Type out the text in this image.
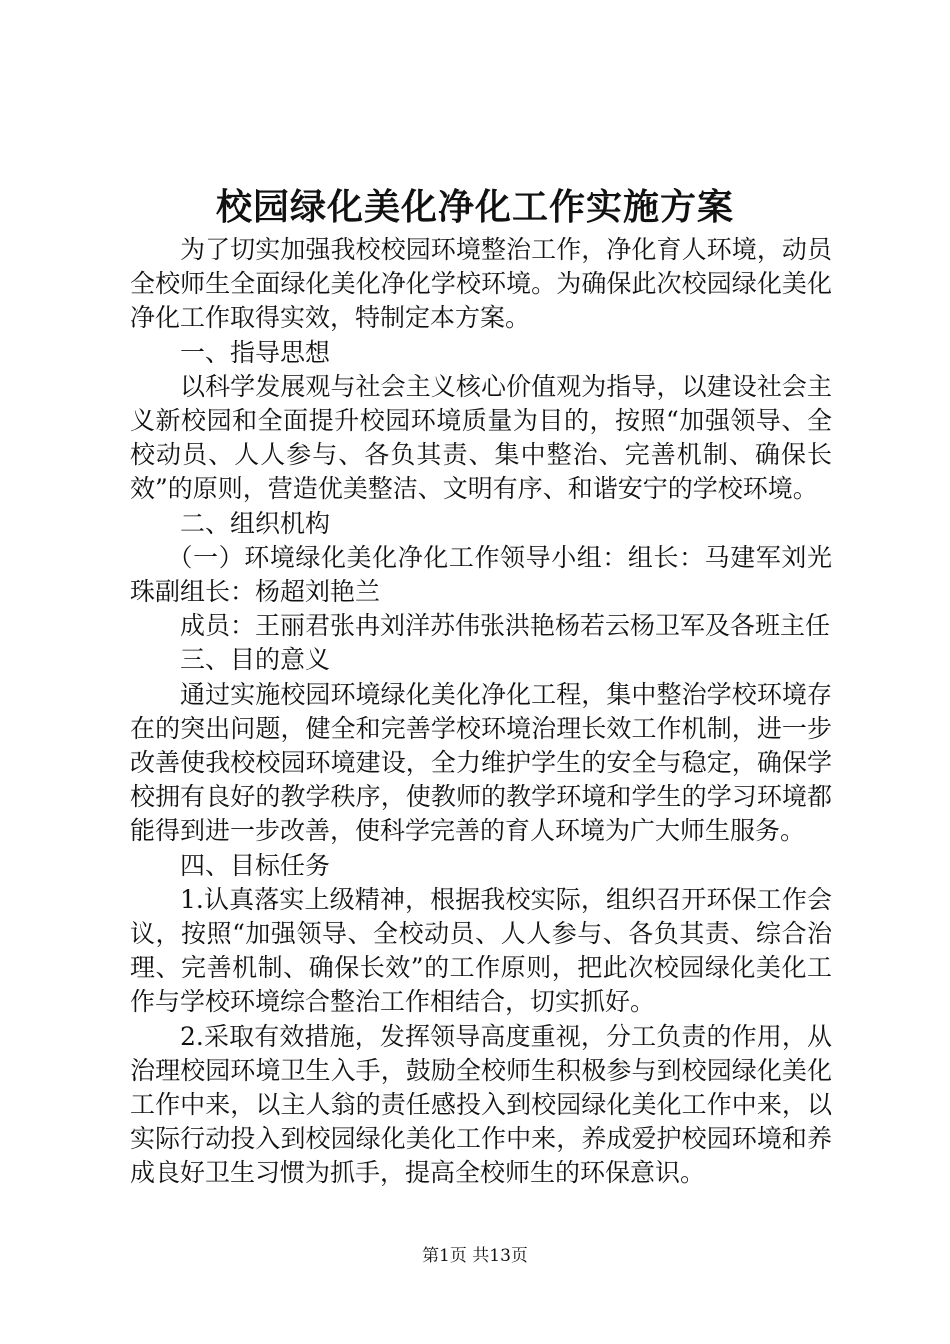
校园绿化美化净化工作实施方案

为了切实加强我校校园环境整治工作，净化育人环境，动员全校师生全面绿化美化净化学校环境。为确保此次校园绿化美化净化工作取得实效，特制定本方案。

一、指导思想

以科学发展观与社会主义核心价值观为指导，以建设社会主义新校园和全面提升校园环境质量为目的，按照“加强领导、全校动员、人人参与、各负其责、集中整治、完善机制、确保长效”的原则，营造优美整洁、文明有序、和谐安宁的学校环境。

二、组织机构

（一）环境绿化美化净化工作领导小组：组长：马建军刘光珠副组长：杨超刘艳兰

成员：王丽君张冉刘洋苏伟张洪艳杨若云杨卫军及各班主任

三、目的意义

通过实施校园环境绿化美化净化工程，集中整治学校环境存在的突出问题，健全和完善学校环境治理长效工作机制，进一步改善使我校校园环境建设，全力维护学生的安全与稳定，确保学校拥有良好的教学秩序，使教师的教学环境和学生的学习环境都能得到进一步改善，使科学完善的育人环境为广大师生服务。

四、目标任务

1.认真落实上级精神，根据我校实际，组织召开环保工作会议，按照“加强领导、全校动员、人人参与、各负其责、综合治理、完善机制、确保长效”的工作原则，把此次校园绿化美化工作与学校环境综合整治工作相结合，切实抓好。

2.采取有效措施，发挥领导高度重视，分工负责的作用，从治理校园环境卫生入手，鼓励全校师生积极参与到校园绿化美化工作中来，以主人翁的责任感投入到校园绿化美化工作中来，以实际行动投入到校园绿化美化工作中来，养成爱护校园环境和养成良好卫生习惯为抓手，提高全校师生的环保意识。

第1页 共13页
